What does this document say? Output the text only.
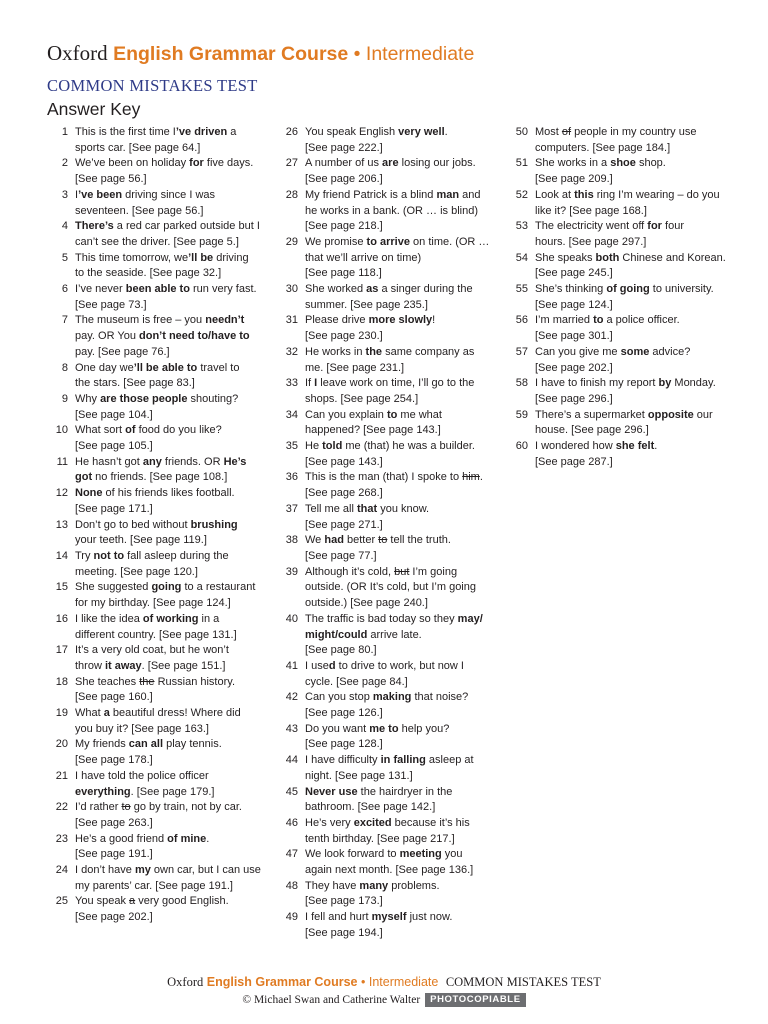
Oxford English Grammar Course • Intermediate
COMMON MISTAKES TEST
Answer Key
1 This is the first time I’ve driven a
sports car. [See page 64.]
2 We’ve been on holiday for five days.
[See page 56.]
3 I’ve been driving since I was
seventeen. [See page 56.]
4 There’s a red car parked outside but I
can’t see the driver. [See page 5.]
5 This time tomorrow, we’ll be driving
to the seaside. [See page 32.]
6 I’ve never been able to run very fast.
[See page 73.]
7 The museum is free – you needn’t
pay. OR You don’t need to/have to
pay. [See page 76.]
8 One day we’ll be able to travel to
the stars. [See page 83.]
9 Why are those people shouting?
[See page 104.]
10 What sort of food do you like?
[See page 105.]
11 He hasn’t got any friends. OR He’s
got no friends. [See page 108.]
12 None of his friends likes football.
[See page 171.]
13 Don’t go to bed without brushing
your teeth. [See page 119.]
14 Try not to fall asleep during the
meeting. [See page 120.]
15 She suggested going to a restaurant
for my birthday. [See page 124.]
16 I like the idea of working in a
different country. [See page 131.]
17 It’s a very old coat, but he won’t
throw it away. [See page 151.]
18 She teaches the Russian history.
[See page 160.]
19 What a beautiful dress! Where did
you buy it? [See page 163.]
20 My friends can all play tennis.
[See page 178.]
21 I have told the police officer
everything. [See page 179.]
22 I’d rather to go by train, not by car.
[See page 263.]
23 He’s a good friend of mine.
[See page 191.]
24 I don’t have my own car, but I can use
my parents’ car. [See page 191.]
25 You speak a very good English.
[See page 202.]
26 You speak English very well.
[See page 222.]
27 A number of us are losing our jobs.
[See page 206.]
28 My friend Patrick is a blind man and
he works in a bank. (OR … is blind)
[See page 218.]
29 We promise to arrive on time. (OR …
that we’ll arrive on time)
[See page 118.]
30 She worked as a singer during the
summer. [See page 235.]
31 Please drive more slowly!
[See page 230.]
32 He works in the same company as
me. [See page 231.]
33 If I leave work on time, I’ll go to the
shops. [See page 254.]
34 Can you explain to me what
happened? [See page 143.]
35 He told me (that) he was a builder.
[See page 143.]
36 This is the man (that) I spoke to him.
[See page 268.]
37 Tell me all that you know.
[See page 271.]
38 We had better to tell the truth.
[See page 77.]
39 Although it’s cold, but I’m going
outside. (OR It’s cold, but I’m going
outside.) [See page 240.]
40 The traffic is bad today so they may/
might/could arrive late.
[See page 80.]
41 I used to drive to work, but now I
cycle. [See page 84.]
42 Can you stop making that noise?
[See page 126.]
43 Do you want me to help you?
[See page 128.]
44 I have difficulty in falling asleep at
night. [See page 131.]
45 Never use the hairdryer in the
bathroom. [See page 142.]
46 He’s very excited because it’s his
tenth birthday. [See page 217.]
47 We look forward to meeting you
again next month. [See page 136.]
48 They have many problems.
[See page 173.]
49 I fell and hurt myself just now.
[See page 194.]
50 Most of people in my country use
computers. [See page 184.]
51 She works in a shoe shop.
[See page 209.]
52 Look at this ring I’m wearing – do you
like it? [See page 168.]
53 The electricity went off for four
hours. [See page 297.]
54 She speaks both Chinese and Korean.
[See page 245.]
55 She’s thinking of going to university.
[See page 124.]
56 I’m married to a police officer.
[See page 301.]
57 Can you give me some advice?
[See page 202.]
58 I have to finish my report by Monday.
[See page 296.]
59 There’s a supermarket opposite our
house. [See page 296.]
60 I wondered how she felt.
[See page 287.]
Oxford English Grammar Course • Intermediate COMMON MISTAKES TEST
© Michael Swan and Catherine Walter PHOTOCOPIABLE
